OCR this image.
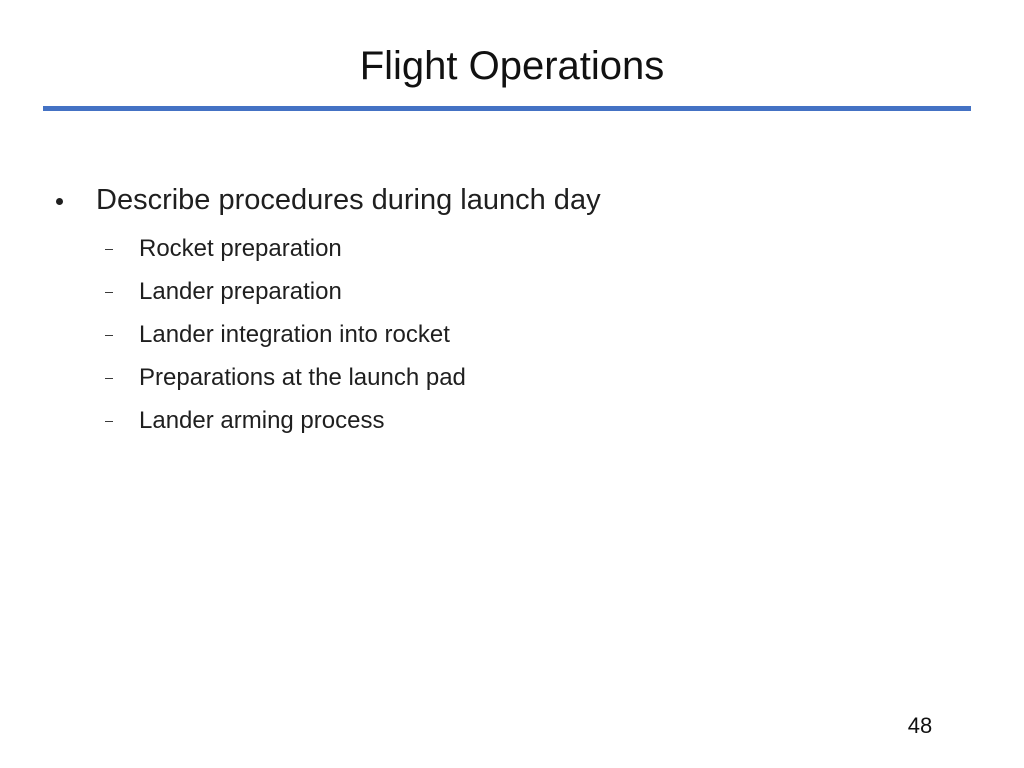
Flight Operations
Describe procedures during launch day
Rocket preparation
Lander preparation
Lander integration into rocket
Preparations at the launch pad
Lander arming process
48
